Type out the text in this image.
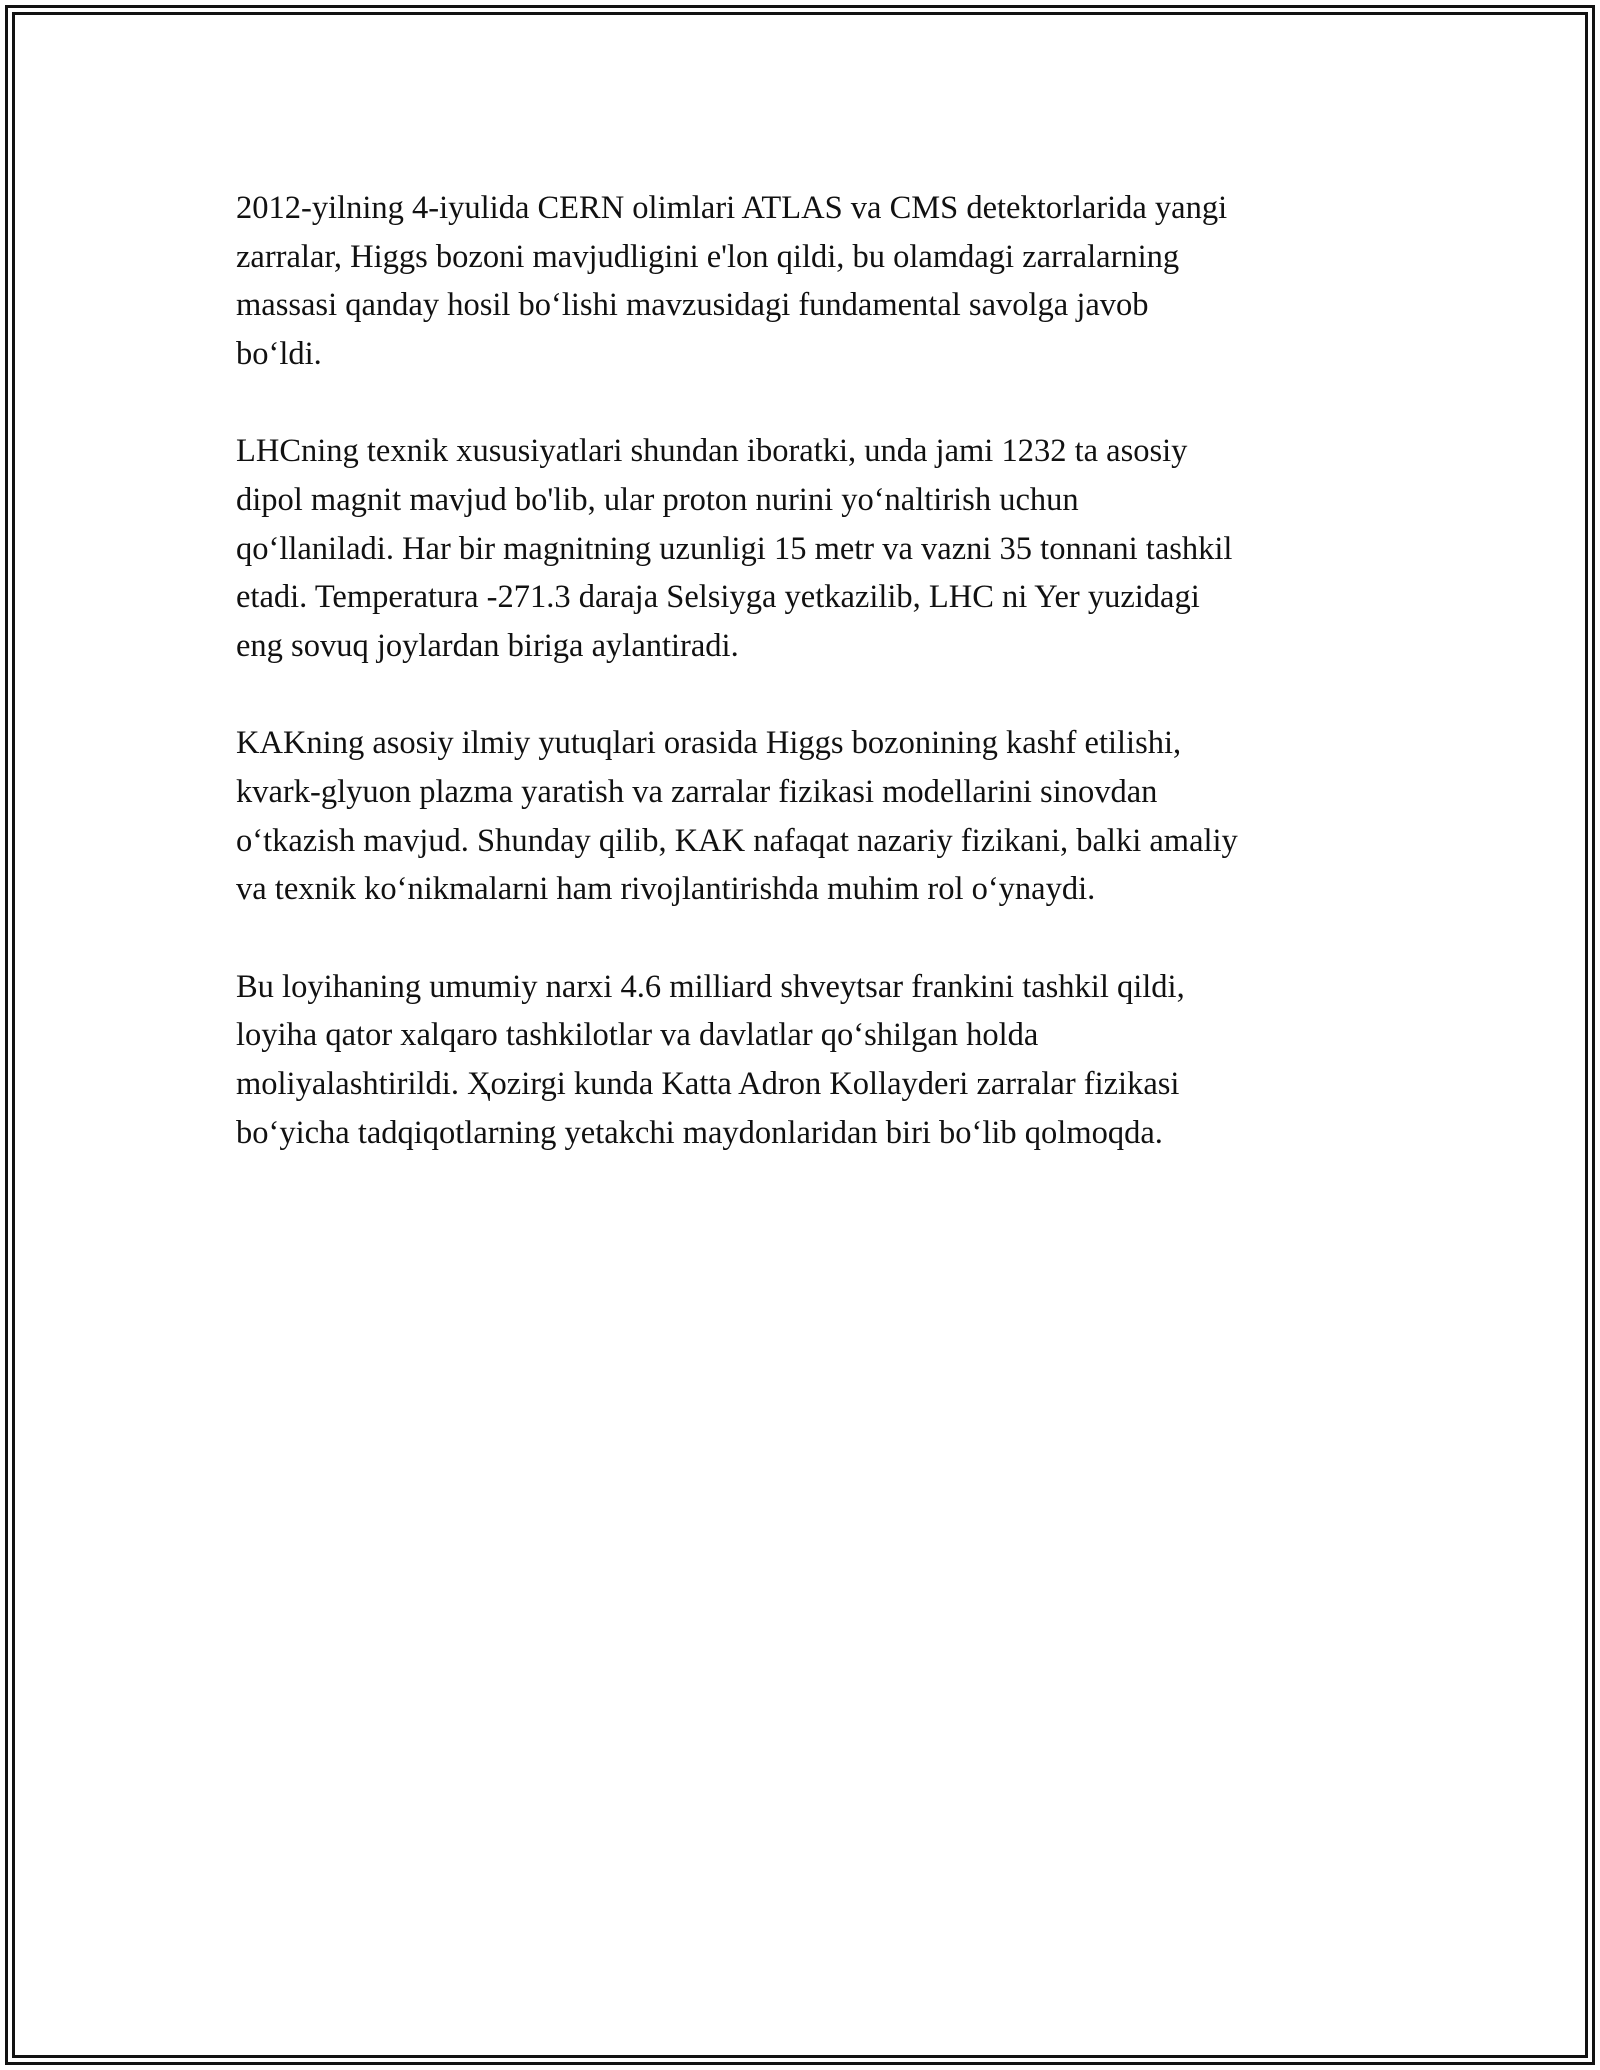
2012-yilning 4-iyulida CERN olimlari ATLAS va CMS detektorlarida yangi
zarralar, Higgs bozoni mavjudligini e'lon qildi, bu olamdagi zarralarning
massasi qanday hosil bo‘lishi mavzusidagi fundamental savolga javob
bo‘ldi.

LHCning texnik xususiyatlari shundan iboratki, unda jami 1232 ta asosiy
dipol magnit mavjud bo'lib, ular proton nurini yo‘naltirish uchun
qo‘llaniladi. Har bir magnitning uzunligi 15 metr va vazni 35 tonnani tashkil
etadi. Temperatura -271.3 daraja Selsiyga yetkazilib, LHC ni Yer yuzidagi
eng sovuq joylardan biriga aylantiradi.

KAKning asosiy ilmiy yutuqlari orasida Higgs bozonining kashf etilishi,
kvark-glyuon plazma yaratish va zarralar fizikasi modellarini sinovdan
o‘tkazish mavjud. Shunday qilib, KAK nafaqat nazariy fizikani, balki amaliy
va texnik ko‘nikmalarni ham rivojlantirishda muhim rol o‘ynaydi.

Bu loyihaning umumiy narxi 4.6 milliard shveytsar frankini tashkil qildi,
loyiha qator xalqaro tashkilotlar va davlatlar qo‘shilgan holda
moliyalashtirildi. Ҳozirgi kunda Katta Adron Kollayderi zarralar fizikasi
bo‘yicha tadqiqotlarning yetakchi maydonlaridan biri bo‘lib qolmoqda.
